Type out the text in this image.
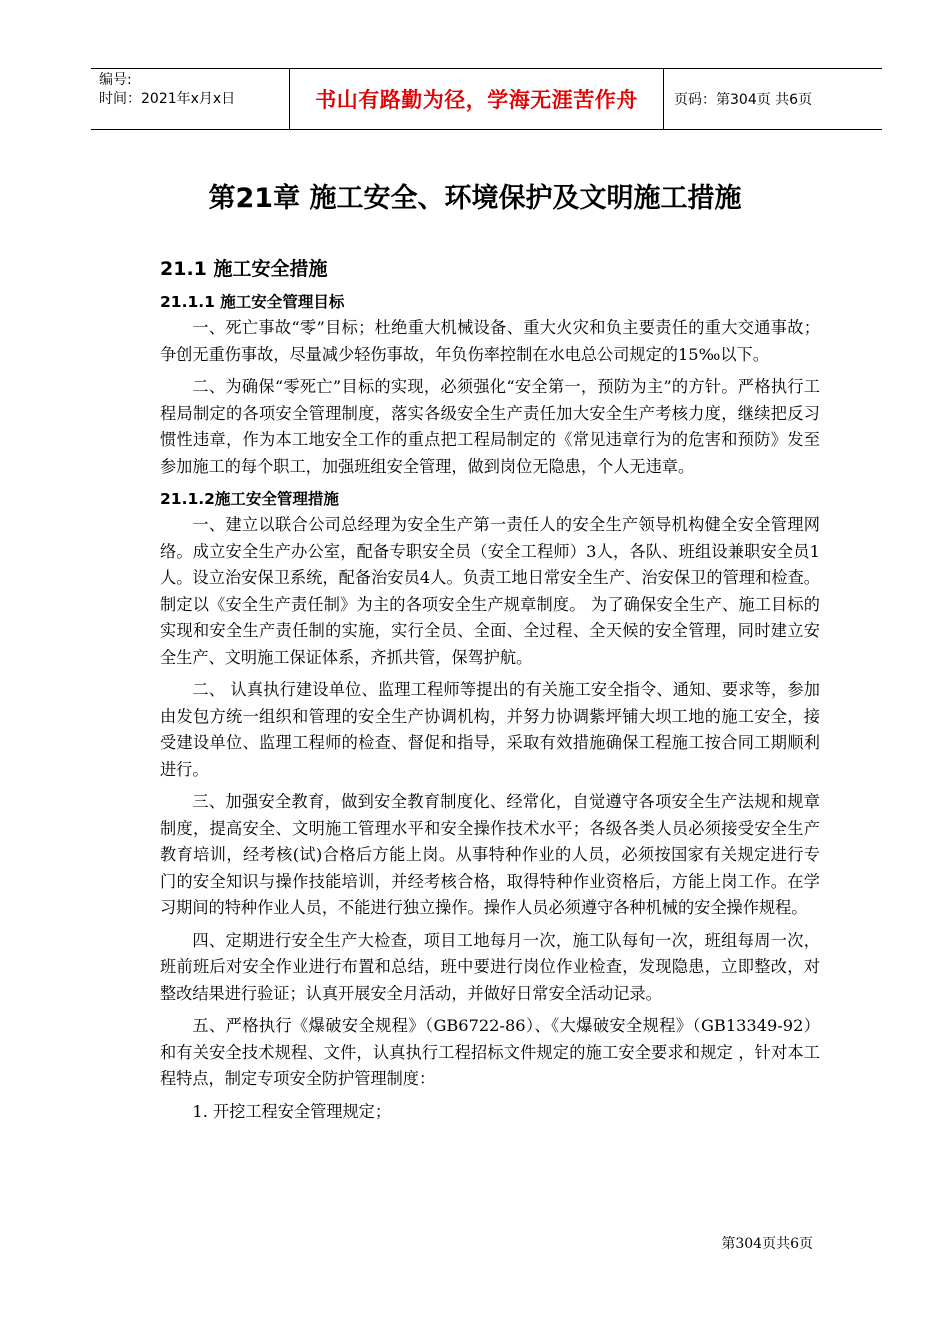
编号:
时间：2021年x月x日	书山有路勤为径，学海无涯苦作舟	页码：第304页 共6页
第21章 施工安全、环境保护及文明施工措施
21.1 施工安全措施
21.1.1 施工安全管理目标

一、死亡事故“零”目标；杜绝重大机械设备、重大火灾和负主要责任的重大交通事故；争创无重伤事故，尽量减少轻伤事故，年负伤率控制在水电总公司规定的15‰以下。

二、为确保“零死亡”目标的实现，必须强化“安全第一，预防为主”的方针。严格执行工程局制定的各项安全管理制度，落实各级安全生产责任加大安全生产考核力度，继续把反习惯性违章，作为本工地安全工作的重点把工程局制定的《常见违章行为的危害和预防》发至参加施工的每个职工，加强班组安全管理，做到岗位无隐患，个人无违章。

21.1.2施工安全管理措施

一、建立以联合公司总经理为安全生产第一责任人的安全生产领导机构健全安全管理网络。成立安全生产办公室，配备专职安全员（安全工程师）3人，各队、班组设兼职安全员1人。设立治安保卫系统，配备治安员4人。负责工地日常安全生产、治安保卫的管理和检查。制定以《安全生产责任制》为主的各项安全生产规章制度。 为了确保安全生产、施工目标的实现和安全生产责任制的实施，实行全员、全面、全过程、全天候的安全管理，同时建立安全生产、文明施工保证体系，齐抓共管，保驾护航。

二、 认真执行建设单位、监理工程师等提出的有关施工安全指令、通知、要求等，参加由发包方统一组织和管理的安全生产协调机构，并努力协调紫坪铺大坝工地的施工安全，接受建设单位、监理工程师的检查、督促和指导，采取有效措施确保工程施工按合同工期顺利进行。

三、加强安全教育，做到安全教育制度化、经常化，自觉遵守各项安全生产法规和规章制度，提高安全、文明施工管理水平和安全操作技术水平；各级各类人员必须接受安全生产教育培训，经考核(试)合格后方能上岗。从事特种作业的人员，必须按国家有关规定进行专门的安全知识与操作技能培训，并经考核合格，取得特种作业资格后，方能上岗工作。在学习期间的特种作业人员，不能进行独立操作。操作人员必须遵守各种机械的安全操作规程。

四、定期进行安全生产大检查，项目工地每月一次，施工队每旬一次，班组每周一次，班前班后对安全作业进行布置和总结，班中要进行岗位作业检查，发现隐患，立即整改，对整改结果进行验证；认真开展安全月活动，并做好日常安全活动记录。

五、严格执行《爆破安全规程》（GB6722-86）、《大爆破安全规程》（GB13349-92）和有关安全技术规程、文件，认真执行工程招标文件规定的施工安全要求和规定 ，针对本工程特点，制定专项安全防护管理制度：

1. 开挖工程安全管理规定；

第304页共6页
